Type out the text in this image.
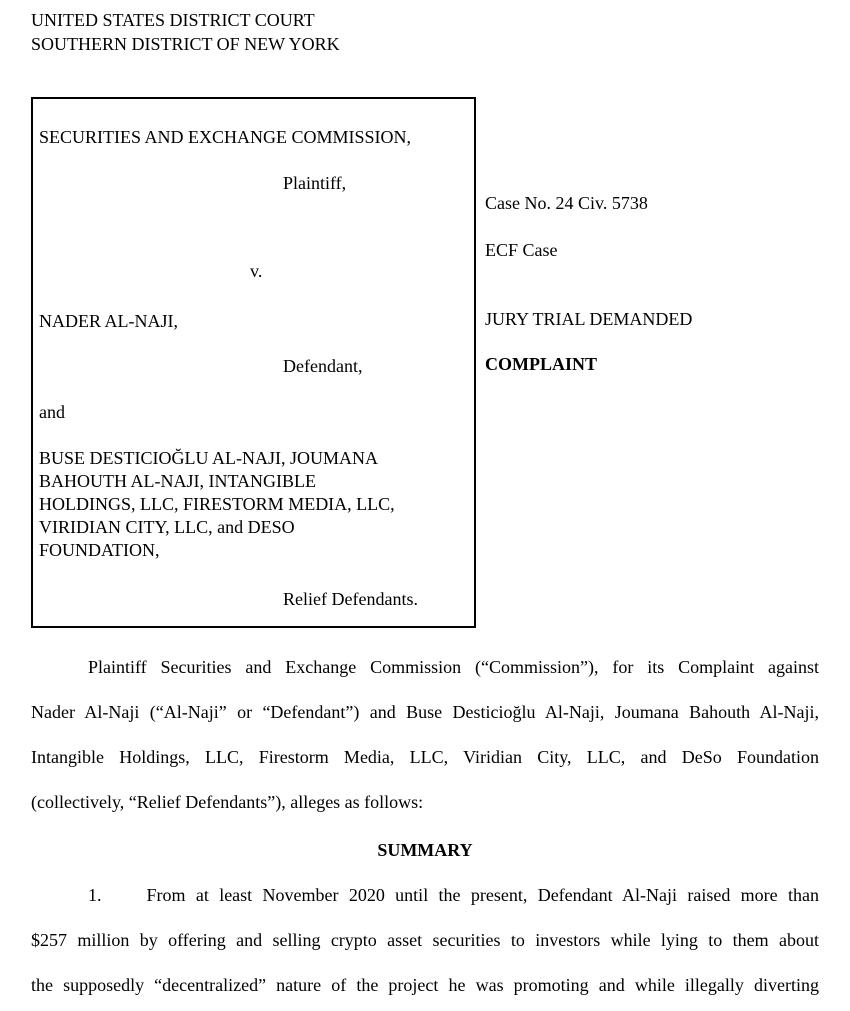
UNITED STATES DISTRICT COURT
SOUTHERN DISTRICT OF NEW YORK
SECURITIES AND EXCHANGE COMMISSION,
Plaintiff,
v.
NADER AL-NAJI,
Defendant,
and
BUSE DESTICIOĞLU AL-NAJI, JOUMANA
BAHOUTH AL-NAJI, INTANGIBLE
HOLDINGS, LLC, FIRESTORM MEDIA, LLC,
VIRIDIAN CITY, LLC, and DESO
FOUNDATION,
Relief Defendants.
Case No. 24 Civ. 5738
ECF Case
JURY TRIAL DEMANDED
COMPLAINT
Plaintiff Securities and Exchange Commission (“Commission”), for its Complaint against
Nader Al-Naji (“Al-Naji” or “Defendant”) and Buse Desticioğlu Al-Naji, Joumana Bahouth Al-Naji,
Intangible Holdings, LLC, Firestorm Media, LLC, Viridian City, LLC, and DeSo Foundation
(collectively, “Relief Defendants”), alleges as follows:
SUMMARY
1.	From at least November 2020 until the present, Defendant Al-Naji raised more than
$257 million by offering and selling crypto asset securities to investors while lying to them about
the supposedly “decentralized” nature of the project he was promoting and while illegally diverting
